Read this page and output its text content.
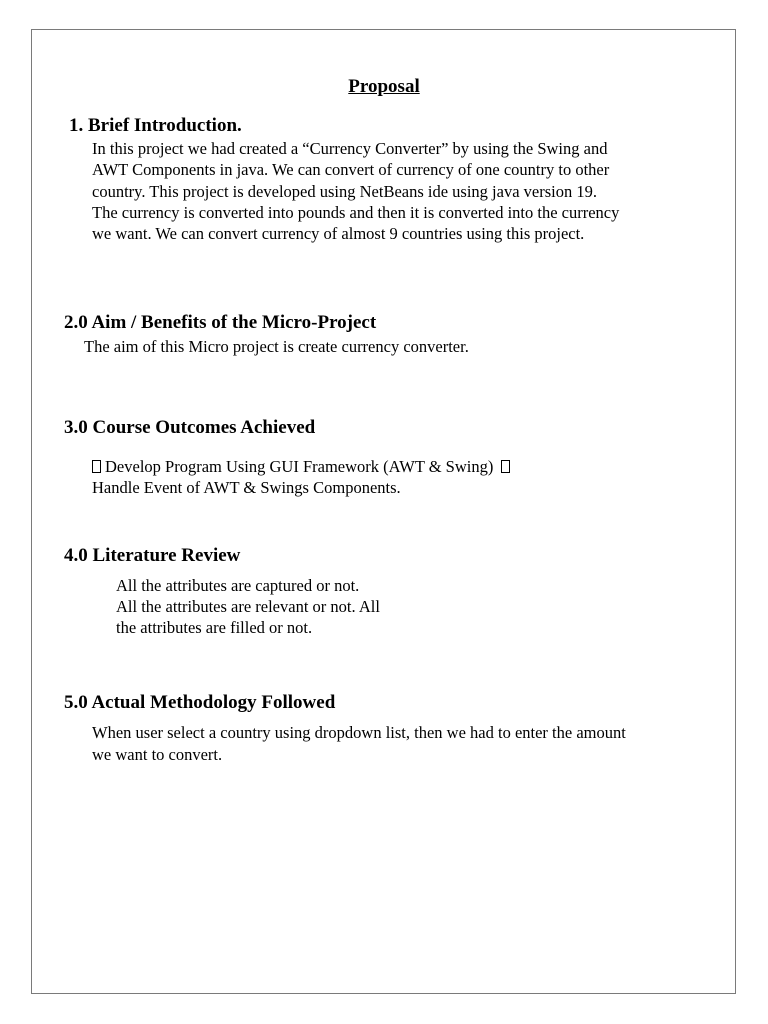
Proposal
1. Brief Introduction.
In this project we had created a “Currency Converter” by using the Swing and
AWT Components in java. We can convert of currency of one country to other
country. This project is developed using NetBeans ide using java version 19.
The currency is converted into pounds and then it is converted into the currency
we want. We can convert currency of almost 9 countries using this project.
2.0 Aim / Benefits of the Micro-Project
The aim of this Micro project is create currency converter.
3.0 Course Outcomes Achieved
Develop Program Using GUI Framework (AWT & Swing)
Handle Event of AWT & Swings Components.
4.0 Literature Review
All the attributes are captured or not.
All the attributes are relevant or not. All
the attributes are filled or not.
5.0 Actual Methodology Followed
When user select a country using dropdown list, then we had to enter the amount
we want to convert.
